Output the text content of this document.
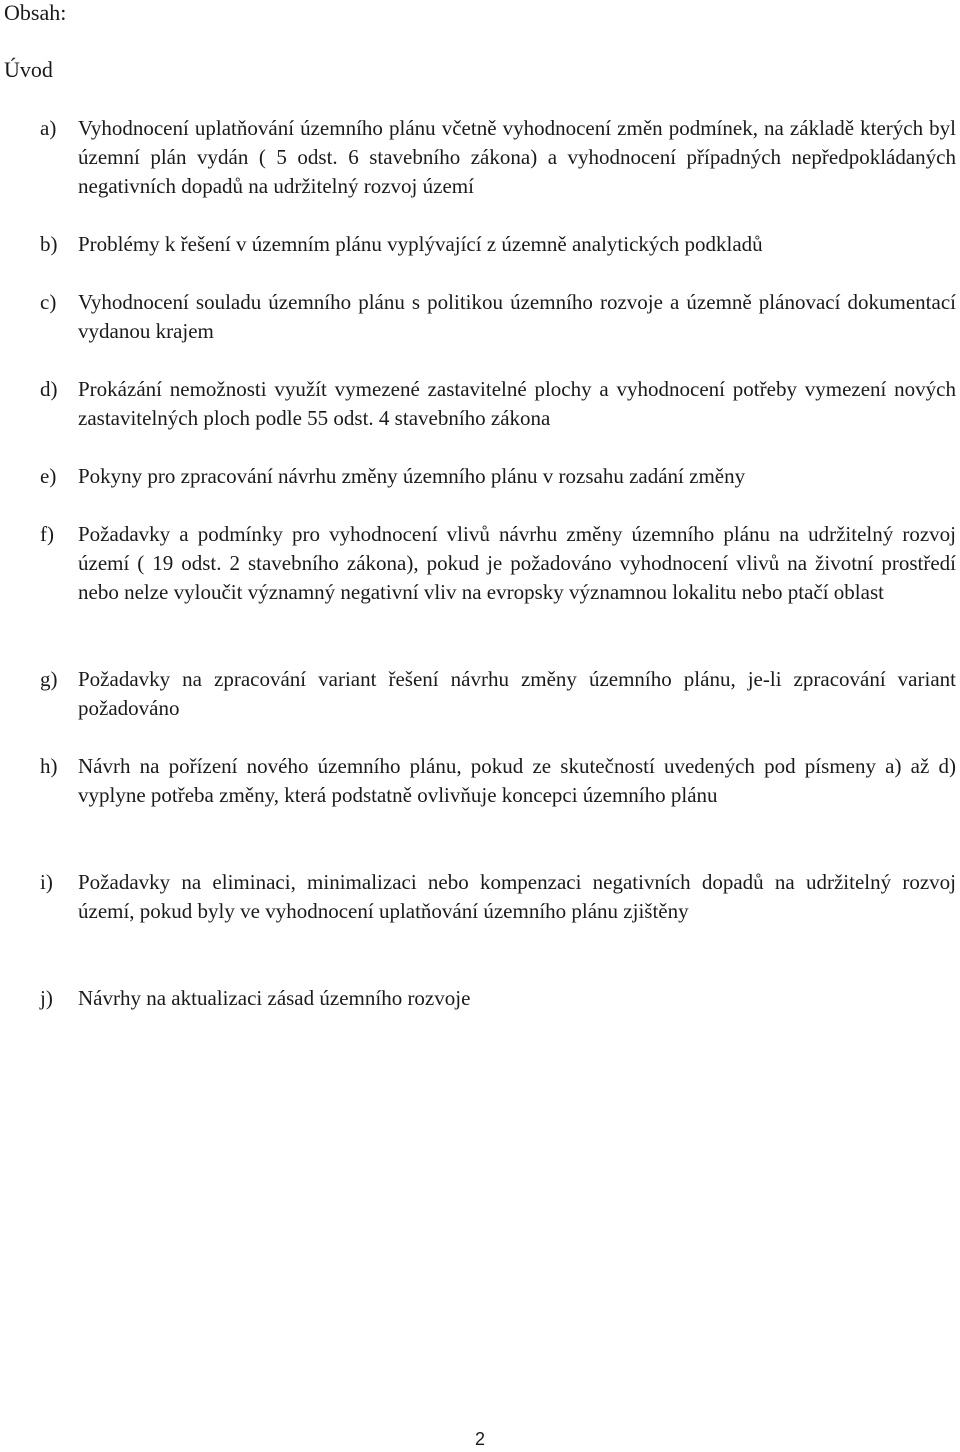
Obsah:
Úvod
a)	Vyhodnocení uplatňování územního plánu včetně vyhodnocení změn podmínek, na základě kterých byl územní plán vydán ( 5 odst. 6 stavebního zákona) a vyhodnocení případných nepředpokládaných negativních dopadů na udržitelný rozvoj území
b) Problémy k řešení v územním plánu vyplývající z územně analytických podkladů
c)	Vyhodnocení souladu územního plánu s politikou územního rozvoje a územně plánovací dokumentací vydanou krajem
d) Prokázání nemožnosti využít vymezené zastavitelné plochy a vyhodnocení potřeby vymezení nových zastavitelných ploch podle 55 odst. 4 stavebního zákona
e)	Pokyny pro zpracování návrhu změny územního plánu v rozsahu zadání změny
f)	Požadavky a podmínky pro vyhodnocení vlivů návrhu změny územního plánu na udržitelný rozvoj území ( 19 odst. 2 stavebního zákona), pokud je požadováno vyhodnocení vlivů na životní prostředí nebo nelze vyloučit významný negativní vliv na evropsky významnou lokalitu nebo ptačí oblast
g) Požadavky na zpracování variant řešení návrhu změny územního plánu, je-li zpracování variant požadováno
h) Návrh na pořízení nového územního plánu, pokud ze skutečností uvedených pod písmeny a) až d) vyplyne potřeba změny, která podstatně ovlivňuje koncepci územního plánu
i)	Požadavky na eliminaci, minimalizaci nebo kompenzaci negativních dopadů na udržitelný rozvoj území, pokud byly ve vyhodnocení uplatňování územního plánu zjištěny
j)	Návrhy na aktualizaci zásad územního rozvoje
2
